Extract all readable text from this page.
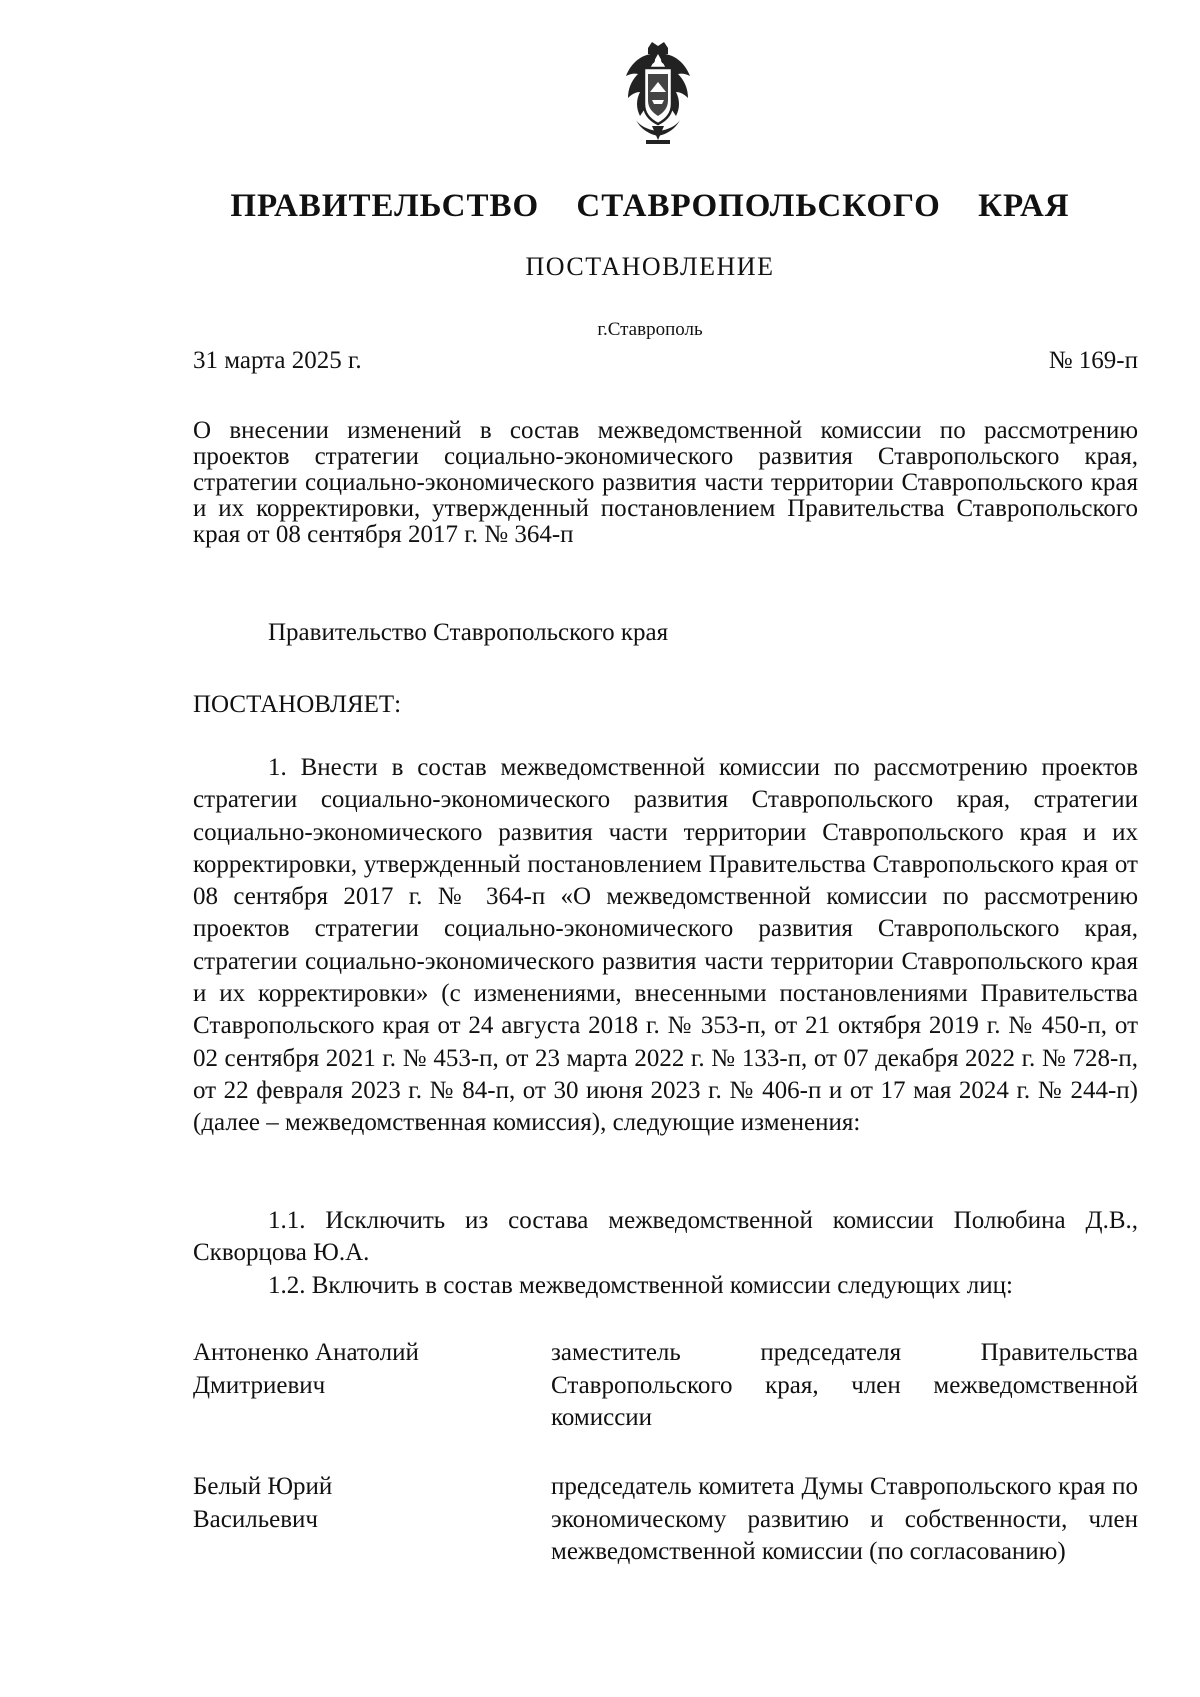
ПРАВИТЕЛЬСТВО СТАВРОПОЛЬСКОГО КРАЯ
ПОСТАНОВЛЕНИЕ
г.Ставрополь
31 марта 2025 г.	№ 169-п
О внесении изменений в состав межведомственной комиссии по рассмотрению проектов стратегии социально-экономического развития Ставропольского края, стратегии социально-экономического развития части территории Ставропольского края и их корректировки, утвержденный постановлением Правительства Ставропольского края от 08 сентября 2017 г. № 364-п
Правительство Ставропольского края
ПОСТАНОВЛЯЕТ:

1. Внести в состав межведомственной комиссии по рассмотрению проектов стратегии социально-экономического развития Ставропольского края, стратегии социально-экономического развития части территории Ставропольского края и их корректировки, утвержденный постановлением Правительства Ставропольского края от 08 сентября 2017 г. № 364-п «О межведомственной комиссии по рассмотрению проектов стратегии социально-экономического развития Ставропольского края, стратегии социально-экономического развития части территории Ставропольского края и их корректировки» (с изменениями, внесенными постановлениями Правительства Ставропольского края от 24 августа 2018 г. № 353-п, от 21 октября 2019 г. № 450-п, от 02 сентября 2021 г. № 453-п, от 23 марта 2022 г. № 133-п, от 07 декабря 2022 г. № 728-п, от 22 февраля 2023 г. № 84-п, от 30 июня 2023 г. № 406-п и от 17 мая 2024 г. № 244-п) (далее – межведомственная комиссия), следующие изменения:

1.1. Исключить из состава межведомственной комиссии Полюбина Д.В., Скворцова Ю.А.

1.2. Включить в состав межведомственной комиссии следующих лиц:

Антоненко Анатолий
Дмитриевич
заместитель председателя Правительства Ставропольского края, член межведомственной комиссии
Белый Юрий
Васильевич
председатель комитета Думы Ставропольского края по экономическому развитию и собственности, член межведомственной комиссии (по согласованию)
